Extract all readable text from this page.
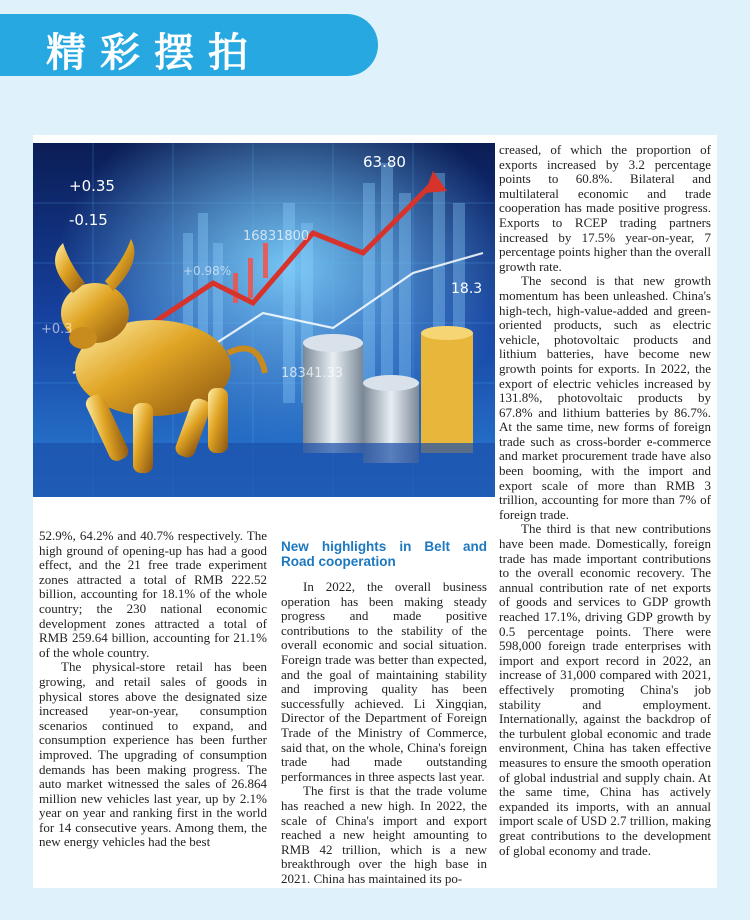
精彩摆拍
63.80
+0.35
-0.15
16831800
18341.33
18.3
+0.3
+0.98%

52.9%, 64.2% and 40.7% respectively. The high ground of opening-up has had a good effect, and the 21 free trade experiment zones attracted a total of RMB 222.52 billion, accounting for 18.1% of the whole country; the 230 national economic development zones attracted a total of RMB 259.64 billion, accounting for 21.1% of the whole country.

The physical-store retail has been growing, and retail sales of goods in physical stores above the designated size increased year-on-year, consumption scenarios continued to expand, and consumption experience has been further improved. The upgrading of consumption demands has been making progress. The auto market witnessed the sales of 26.864 million new vehicles last year, up by 2.1% year on year and ranking first in the world for 14 consecutive years. Among them, the new energy vehicles had the best

New highlights in Belt and Road cooperation

In 2022, the overall business operation has been making steady progress and made positive contributions to the stability of the overall economic and social situation. Foreign trade was better than expected, and the goal of maintaining stability and improving quality has been successfully achieved. Li Xingqian, Director of the Department of Foreign Trade of the Ministry of Commerce, said that, on the whole, China's foreign trade had made outstanding performances in three aspects last year.

The first is that the trade volume has reached a new high. In 2022, the scale of China's import and export reached a new height amounting to RMB 42 trillion, which is a new breakthrough over the high base in 2021. China has maintained its po-

creased, of which the proportion of exports increased by 3.2 percentage points to 60.8%. Bilateral and multilateral economic and trade cooperation has made positive progress. Exports to RCEP trading partners increased by 17.5% year-on-year, 7 percentage points higher than the overall growth rate.

The second is that new growth momentum has been unleashed. China's high-tech, high-value-added and green-oriented products, such as electric vehicle, photovoltaic products and lithium batteries, have become new growth points for exports. In 2022, the export of electric vehicles increased by 131.8%, photovoltaic products by 67.8% and lithium batteries by 86.7%. At the same time, new forms of foreign trade such as cross-border e-commerce and market procurement trade have also been booming, with the import and export scale of more than RMB 3 trillion, accounting for more than 7% of foreign trade.

The third is that new contributions have been made. Domestically, foreign trade has made important contributions to the overall economic recovery. The annual contribution rate of net exports of goods and services to GDP growth reached 17.1%, driving GDP growth by 0.5 percentage points. There were 598,000 foreign trade enterprises with import and export record in 2022, an increase of 31,000 compared with 2021, effectively promoting China's job stability and employment. Internationally, against the backdrop of the turbulent global economic and trade environment, China has taken effective measures to ensure the smooth operation of global industrial and supply chain. At the same time, China has actively expanded its imports, with an annual import scale of USD 2.7 trillion, making great contributions to the development of global economy and trade.
